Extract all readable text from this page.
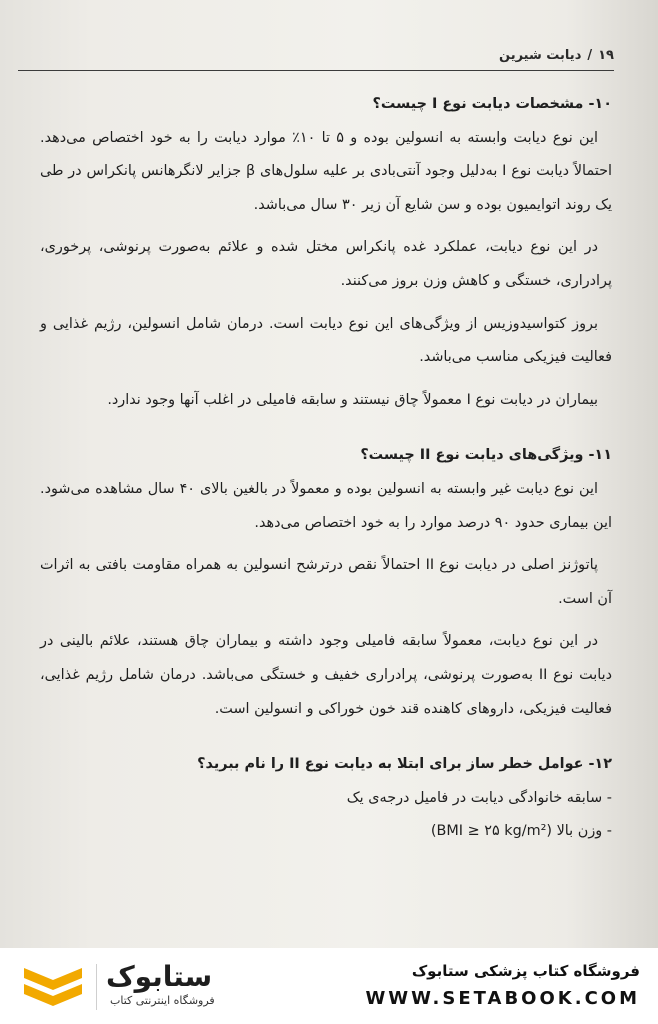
۱۹
/
دیابت شیرین
۱۰- مشخصات دیابت نوع I چیست؟

این نوع دیابت وابسته به انسولین بوده و ۵ تا ۱۰٪ موارد دیابت را به خود اختصاص می‌دهد. احتمالاً دیابت نوع I به‌دلیل وجود آنتی‌بادی بر علیه سلول‌های β جزایر لانگرهانس پانکراس در طی یک روند اتوایمیون بوده و سن شایع آن زیر ۳۰ سال می‌باشد.

در این نوع دیابت، عملکرد غده پانکراس مختل شده و علائم به‌صورت پرنوشی، پرخوری، پرادراری، خستگی و کاهش وزن بروز می‌کنند.

بروز کتواسیدوزیس از ویژگی‌های این نوع دیابت است. درمان شامل انسولین، رژیم غذایی و فعالیت فیزیکی مناسب می‌باشد.

بیماران در دیابت نوع I معمولاً چاق نیستند و سابقه فامیلی در اغلب آنها وجود ندارد.

۱۱- ویژگی‌های دیابت نوع II چیست؟

این نوع دیابت غیر وابسته به انسولین بوده و معمولاً در بالغین بالای ۴۰ سال مشاهده می‌شود. این بیماری حدود ۹۰ درصد موارد را به خود اختصاص می‌دهد.

پاتوژنز اصلی در دیابت نوع II احتمالاً نقص درترشح انسولین به همراه مقاومت بافتی به اثرات آن است.

در این نوع دیابت، معمولاً سابقه فامیلی وجود داشته و بیماران چاق هستند، علائم بالینی در دیابت نوع II به‌صورت پرنوشی، پرادراری خفیف و خستگی می‌باشد. درمان شامل رژیم غذایی، فعالیت فیزیکی، داروهای کاهنده قند خون خوراکی و انسولین است.

۱۲- عوامل خطر ساز برای ابتلا به دیابت نوع II را نام ببرید؟
- سابقه خانوادگی دیابت در فامیل درجه‌ی یک
- وزن بالا (BMI ≥ ۲۵ kg/m²)
ستابوک
فروشگاه اینترنتی کتاب
فروشگاه کتاب پزشکی ستابوک
WWW.SETABOOK.COM
